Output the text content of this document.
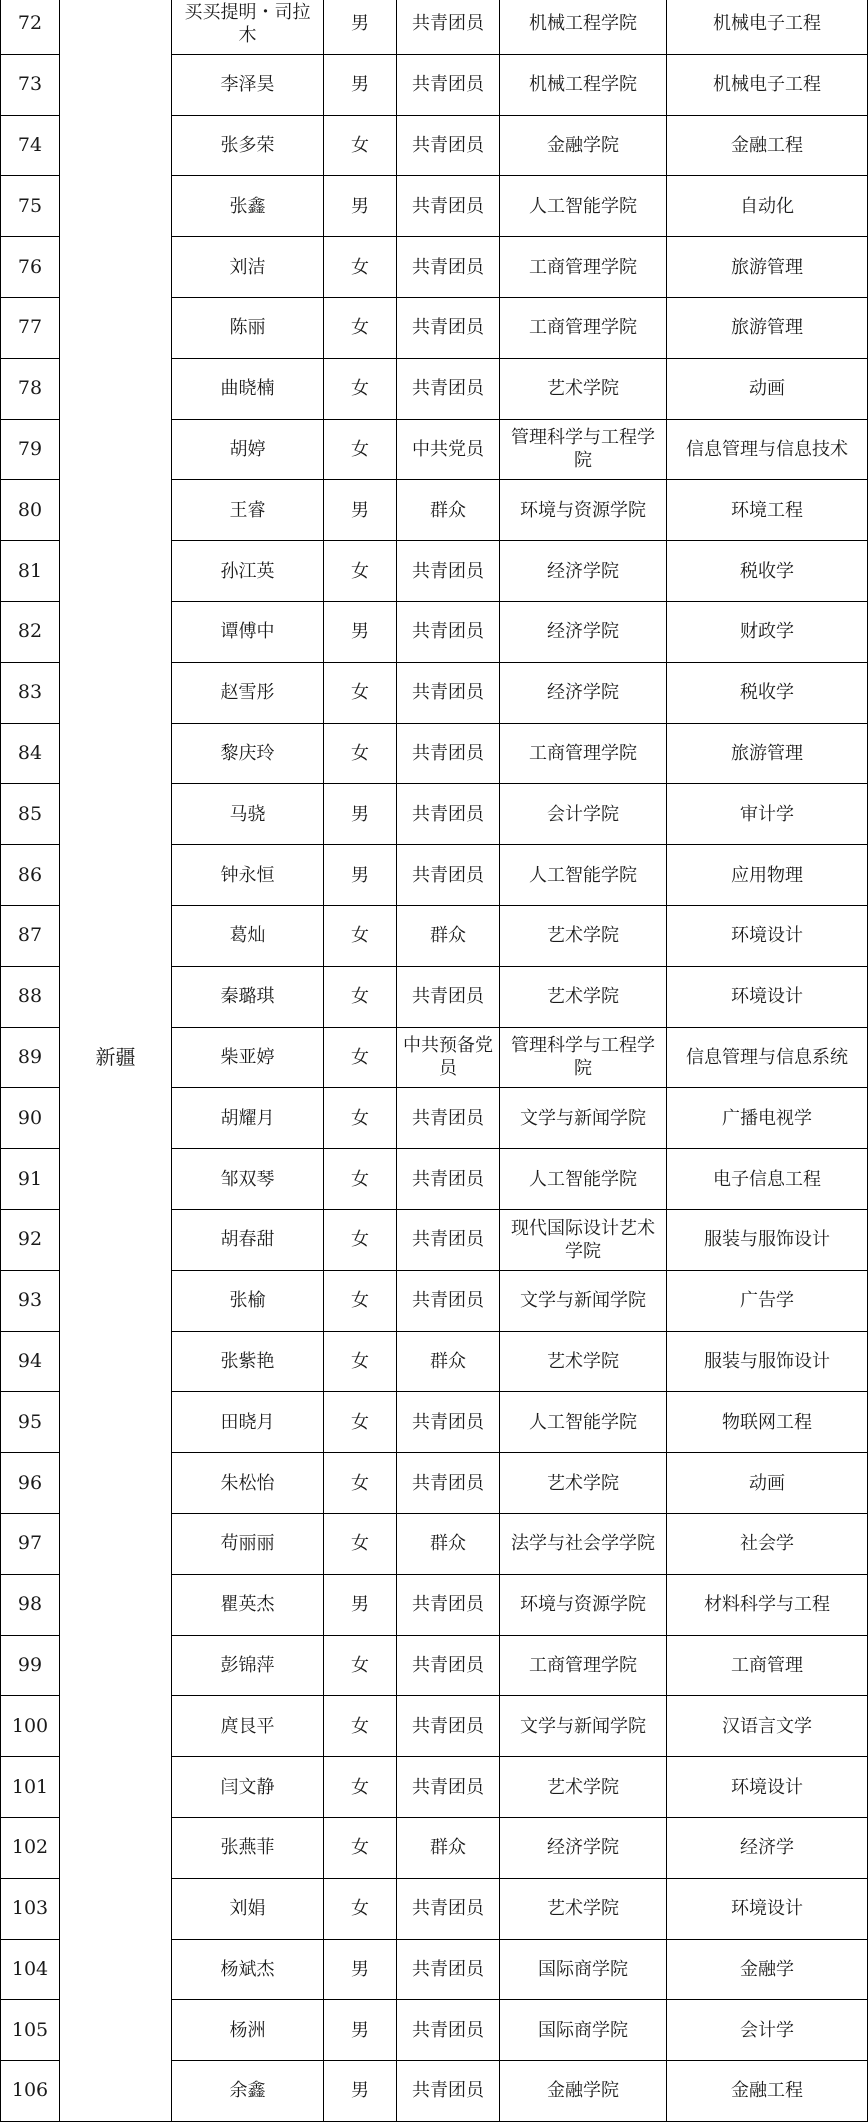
72	新疆	买买提明・司拉木	男	共青团员	机械工程学院	机械电子工程
73		李泽昊	男	共青团员	机械工程学院	机械电子工程
74		张多荣	女	共青团员	金融学院	金融工程
75		张鑫	男	共青团员	人工智能学院	自动化
76		刘洁	女	共青团员	工商管理学院	旅游管理
77		陈丽	女	共青团员	工商管理学院	旅游管理
78		曲晓楠	女	共青团员	艺术学院	动画
79		胡婷	女	中共党员	管理科学与工程学院	信息管理与信息技术
80		王睿	男	群众	环境与资源学院	环境工程
81		孙江英	女	共青团员	经济学院	税收学
82		谭傅中	男	共青团员	经济学院	财政学
83		赵雪彤	女	共青团员	经济学院	税收学
84		黎庆玲	女	共青团员	工商管理学院	旅游管理
85		马骁	男	共青团员	会计学院	审计学
86		钟永恒	男	共青团员	人工智能学院	应用物理
87		葛灿	女	群众	艺术学院	环境设计
88		秦璐琪	女	共青团员	艺术学院	环境设计
89		柴亚婷	女	中共预备党员	管理科学与工程学院	信息管理与信息系统
90		胡耀月	女	共青团员	文学与新闻学院	广播电视学
91		邹双琴	女	共青团员	人工智能学院	电子信息工程
92		胡春甜	女	共青团员	现代国际设计艺术学院	服装与服饰设计
93		张榆	女	共青团员	文学与新闻学院	广告学
94		张紫艳	女	群众	艺术学院	服装与服饰设计
95		田晓月	女	共青团员	人工智能学院	物联网工程
96		朱松怡	女	共青团员	艺术学院	动画
97		苟丽丽	女	群众	法学与社会学学院	社会学
98		瞿英杰	男	共青团员	环境与资源学院	材料科学与工程
99		彭锦萍	女	共青团员	工商管理学院	工商管理
100		庹艮平	女	共青团员	文学与新闻学院	汉语言文学
101		闫文静	女	共青团员	艺术学院	环境设计
102		张燕菲	女	群众	经济学院	经济学
103		刘娟	女	共青团员	艺术学院	环境设计
104		杨斌杰	男	共青团员	国际商学院	金融学
105		杨洲	男	共青团员	国际商学院	会计学
106		余鑫	男	共青团员	金融学院	金融工程
